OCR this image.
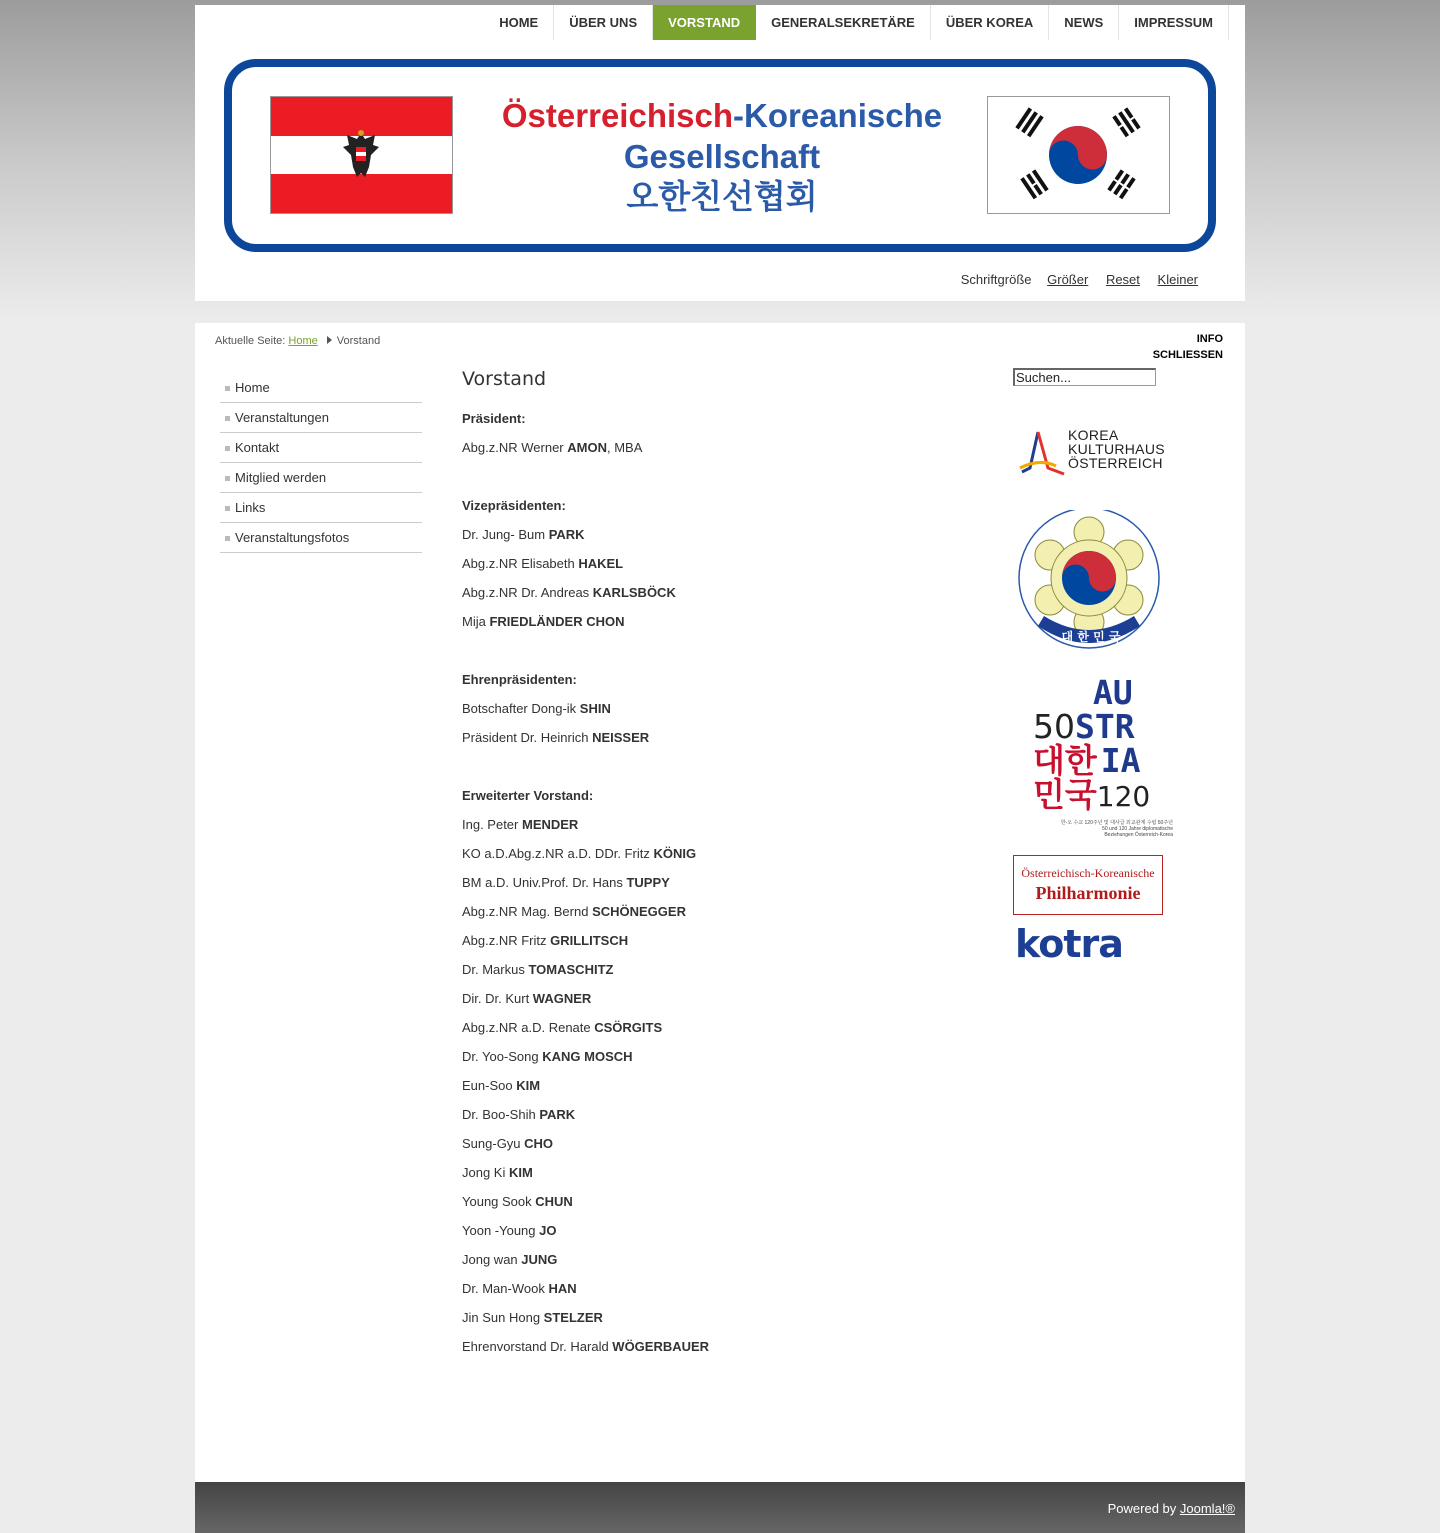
HOME	ÜBER UNS	VORSTAND	GENERALSEKRETÄRE	ÜBER KOREA	NEWS	IMPRESSUM
Österreichisch-Koreanische
Gesellschaft
오한친선협회
Schriftgröße Größer Reset Kleiner
Aktuelle Seite: Home Vorstand	INFO
SCHLIESSEN
Home
Veranstaltungen
Kontakt
Mitglied werden
Links
Veranstaltungsfotos
Vorstand

Präsident:

Abg.z.NR Werner AMON, MBA

Vizepräsidenten:

Dr. Jung- Bum PARK

Abg.z.NR Elisabeth HAKEL

Abg.z.NR Dr. Andreas KARLSBÖCK

Mija FRIEDLÄNDER CHON

Ehrenpräsidenten:

Botschafter Dong-ik SHIN

Präsident Dr. Heinrich NEISSER

Erweiterter Vorstand:

Ing. Peter MENDER

KO a.D.Abg.z.NR a.D. DDr. Fritz KÖNIG

BM a.D. Univ.Prof. Dr. Hans TUPPY

Abg.z.NR Mag. Bernd SCHÖNEGGER

Abg.z.NR Fritz GRILLITSCH

Dr. Markus TOMASCHITZ

Dir. Dr. Kurt WAGNER

Abg.z.NR a.D. Renate CSÖRGITS

Dr. Yoo-Song KANG MOSCH

Eun-Soo KIM

Dr. Boo-Shih PARK

Sung-Gyu CHO

Jong Ki KIM

Young Sook CHUN

Yoon -Young JO

Jong wan JUNG

Dr. Man-Wook HAN

Jin Sun Hong STELZER

Ehrenvorstand Dr. Harald WÖGERBAUER

Suchen...
KOREA
KULTURHAUS
ÖSTERREICH
대 한 민 국
AU
50STR
대한 IA
민국120
한-오 수교 120주년 및 대사급 외교관계 수립 50주년
50 und 120 Jahre diplomatische
Beziehungen Österreich-Korea
Österreichisch-Koreanische
Philharmonie
kotra
Powered by Joomla!®
